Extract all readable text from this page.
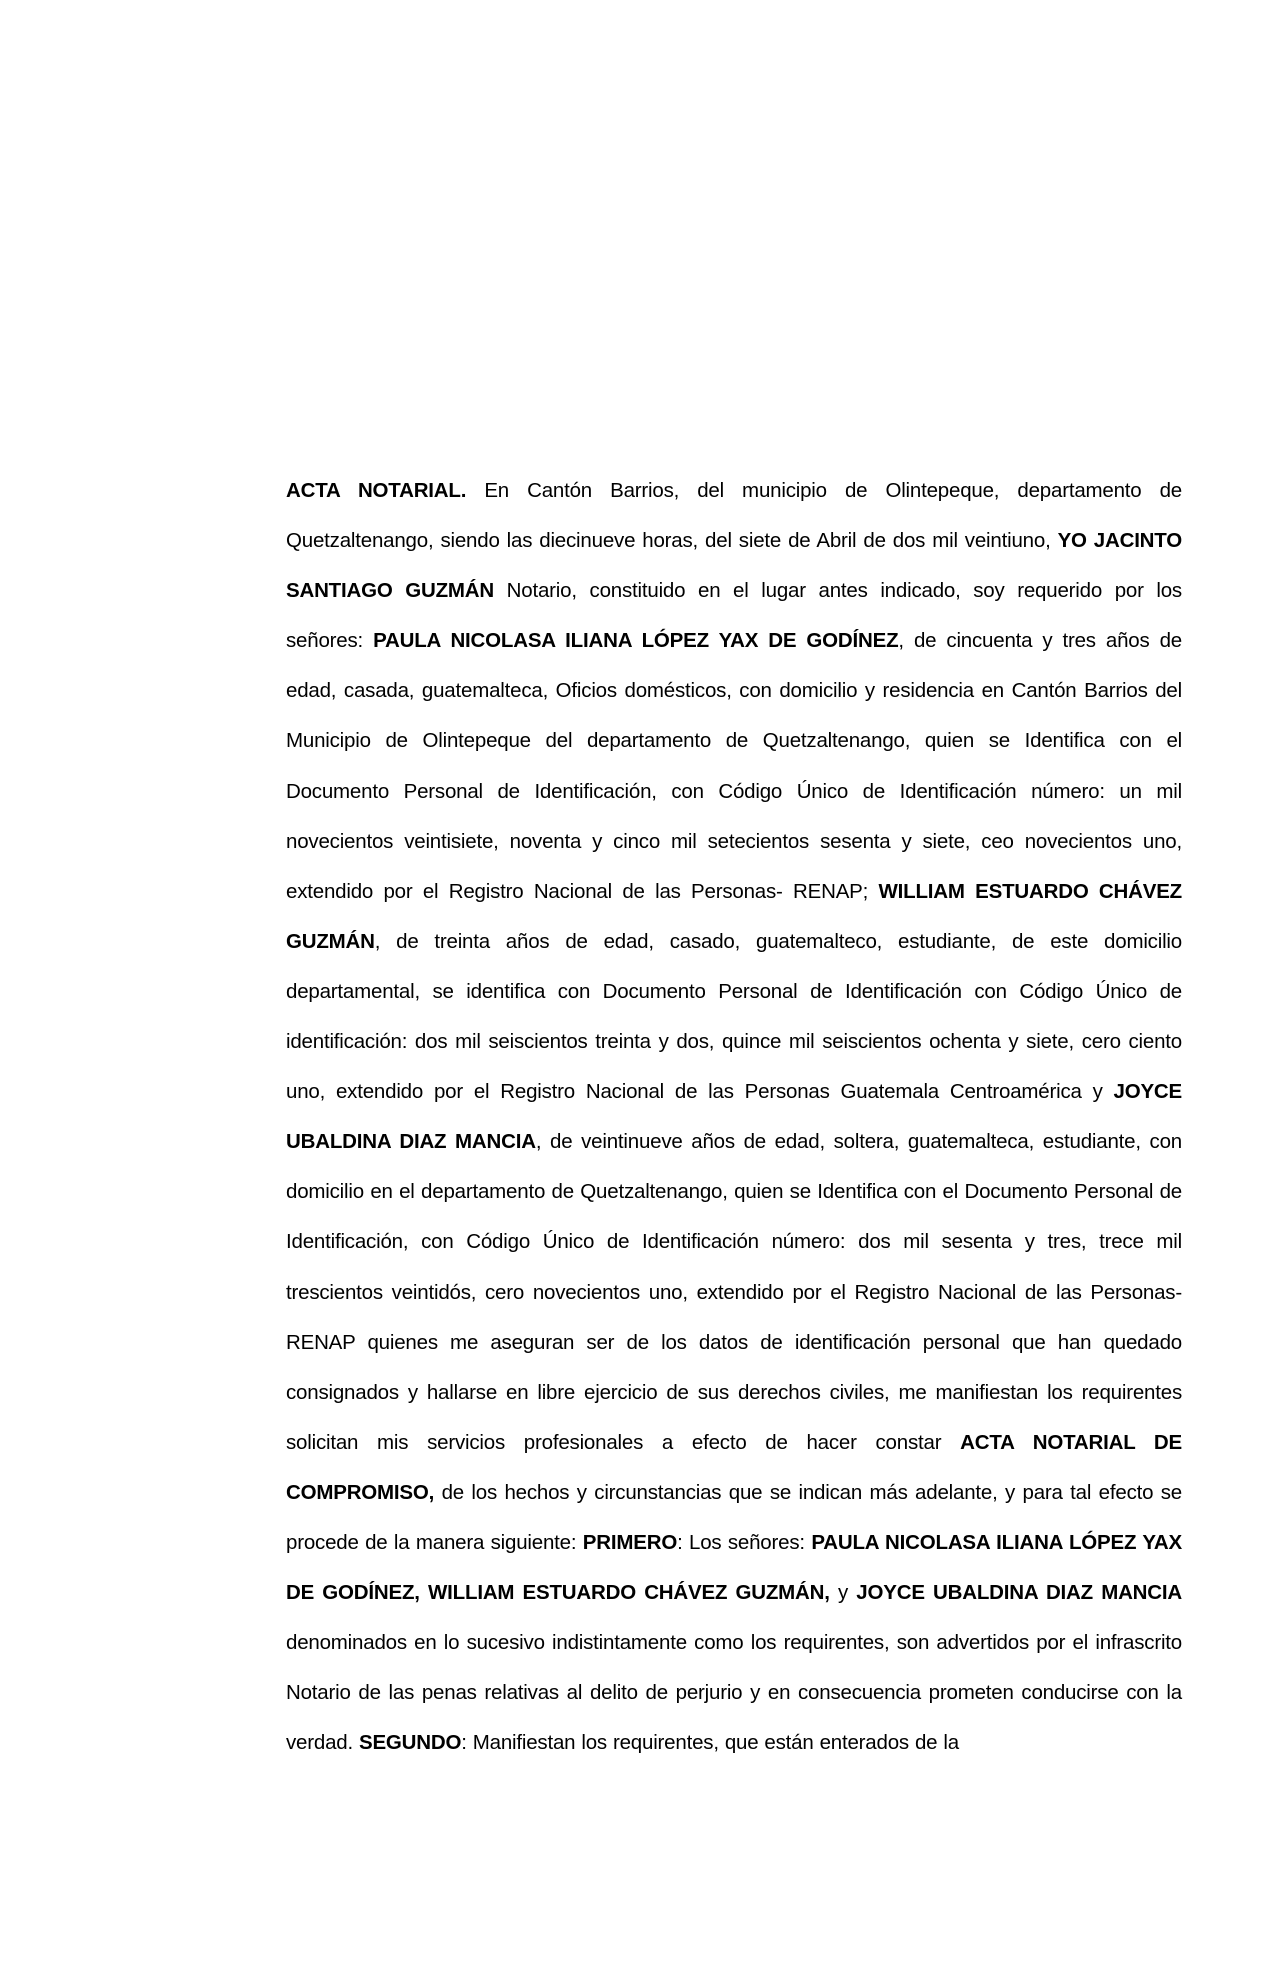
ACTA NOTARIAL. En Cantón Barrios, del municipio de Olintepeque, departamento de Quetzaltenango, siendo las diecinueve horas, del siete de Abril de dos mil veintiuno, YO JACINTO SANTIAGO GUZMÁN Notario, constituido en el lugar antes indicado, soy requerido por los señores: PAULA NICOLASA ILIANA LÓPEZ YAX DE GODÍNEZ, de cincuenta y tres años de edad, casada, guatemalteca, Oficios domésticos, con domicilio y residencia en Cantón Barrios del Municipio de Olintepeque del departamento de Quetzaltenango, quien se Identifica con el Documento Personal de Identificación, con Código Único de Identificación número: un mil novecientos veintisiete, noventa y cinco mil setecientos sesenta y siete, ceo novecientos uno, extendido por el Registro Nacional de las Personas- RENAP; WILLIAM ESTUARDO CHÁVEZ GUZMÁN, de treinta años de edad, casado, guatemalteco, estudiante, de este domicilio departamental, se identifica con Documento Personal de Identificación con Código Único de identificación: dos mil seiscientos treinta y dos, quince mil seiscientos ochenta y siete, cero ciento uno, extendido por el Registro Nacional de las Personas Guatemala Centroamérica y JOYCE UBALDINA DIAZ MANCIA, de veintinueve años de edad, soltera, guatemalteca, estudiante, con domicilio en el departamento de Quetzaltenango, quien se Identifica con el Documento Personal de Identificación, con Código Único de Identificación número: dos mil sesenta y tres, trece mil trescientos veintidós, cero novecientos uno, extendido por el Registro Nacional de las Personas- RENAP quienes me aseguran ser de los datos de identificación personal que han quedado consignados y hallarse en libre ejercicio de sus derechos civiles, me manifiestan los requirentes solicitan mis servicios profesionales a efecto de hacer constar ACTA NOTARIAL DE COMPROMISO, de los hechos y circunstancias que se indican más adelante, y para tal efecto se procede de la manera siguiente: PRIMERO: Los señores: PAULA NICOLASA ILIANA LÓPEZ YAX DE GODÍNEZ, WILLIAM ESTUARDO CHÁVEZ GUZMÁN, y JOYCE UBALDINA DIAZ MANCIA denominados en lo sucesivo indistintamente como los requirentes, son advertidos por el infrascrito Notario de las penas relativas al delito de perjurio y en consecuencia prometen conducirse con la verdad. SEGUNDO: Manifiestan los requirentes, que están enterados de la
